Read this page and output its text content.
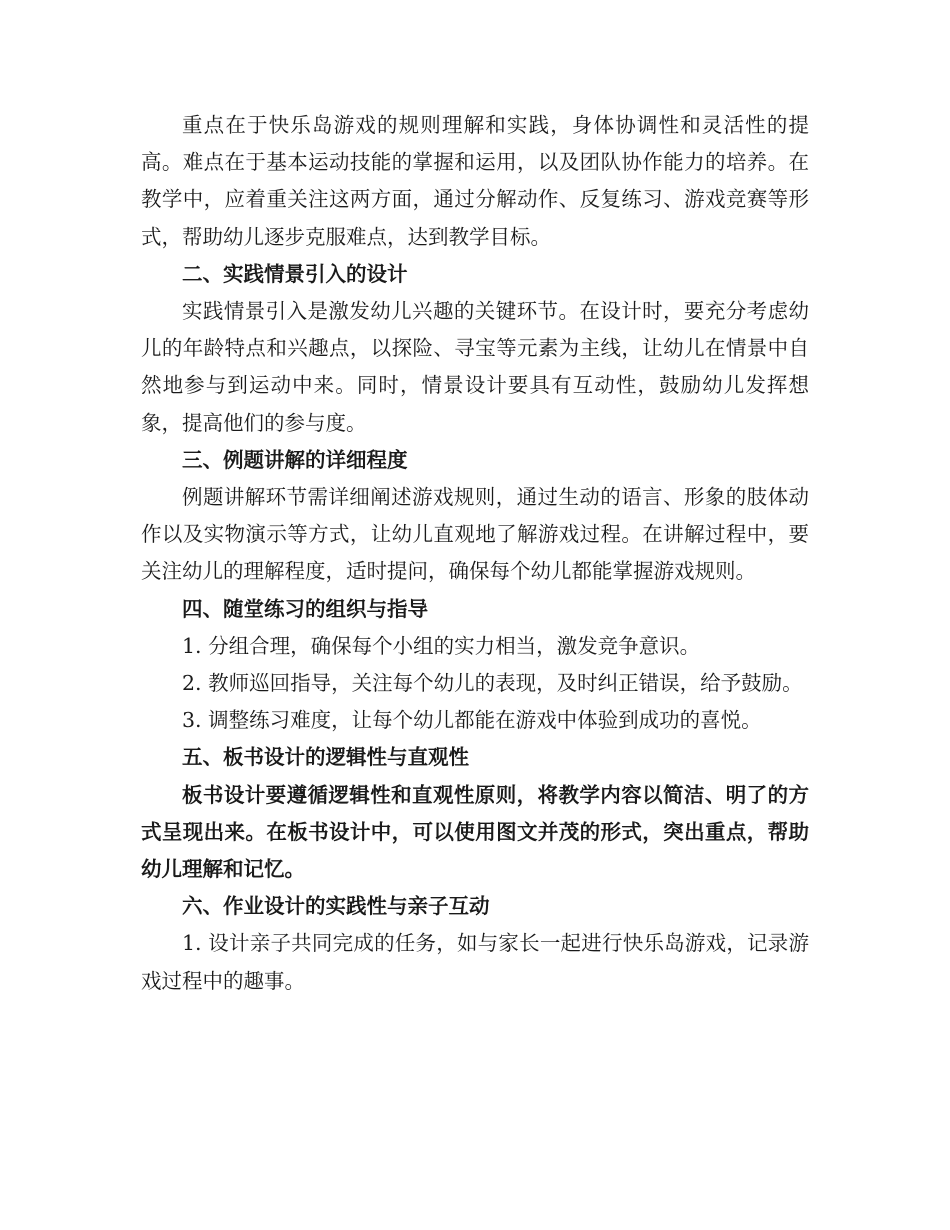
重点在于快乐岛游戏的规则理解和实践，身体协调性和灵活性的提高。难点在于基本运动技能的掌握和运用，以及团队协作能力的培养。在教学中，应着重关注这两方面，通过分解动作、反复练习、游戏竞赛等形式，帮助幼儿逐步克服难点，达到教学目标。

二、实践情景引入的设计

实践情景引入是激发幼儿兴趣的关键环节。在设计时，要充分考虑幼儿的年龄特点和兴趣点，以探险、寻宝等元素为主线，让幼儿在情景中自然地参与到运动中来。同时，情景设计要具有互动性，鼓励幼儿发挥想象，提高他们的参与度。

三、例题讲解的详细程度

例题讲解环节需详细阐述游戏规则，通过生动的语言、形象的肢体动作以及实物演示等方式，让幼儿直观地了解游戏过程。在讲解过程中，要关注幼儿的理解程度，适时提问，确保每个幼儿都能掌握游戏规则。

四、随堂练习的组织与指导

1. 分组合理，确保每个小组的实力相当，激发竞争意识。

2. 教师巡回指导，关注每个幼儿的表现，及时纠正错误，给予鼓励。

3. 调整练习难度，让每个幼儿都能在游戏中体验到成功的喜悦。

五、板书设计的逻辑性与直观性

板书设计要遵循逻辑性和直观性原则，将教学内容以简洁、明了的方式呈现出来。在板书设计中，可以使用图文并茂的形式，突出重点，帮助幼儿理解和记忆。

六、作业设计的实践性与亲子互动

1. 设计亲子共同完成的任务，如与家长一起进行快乐岛游戏，记录游戏过程中的趣事。
